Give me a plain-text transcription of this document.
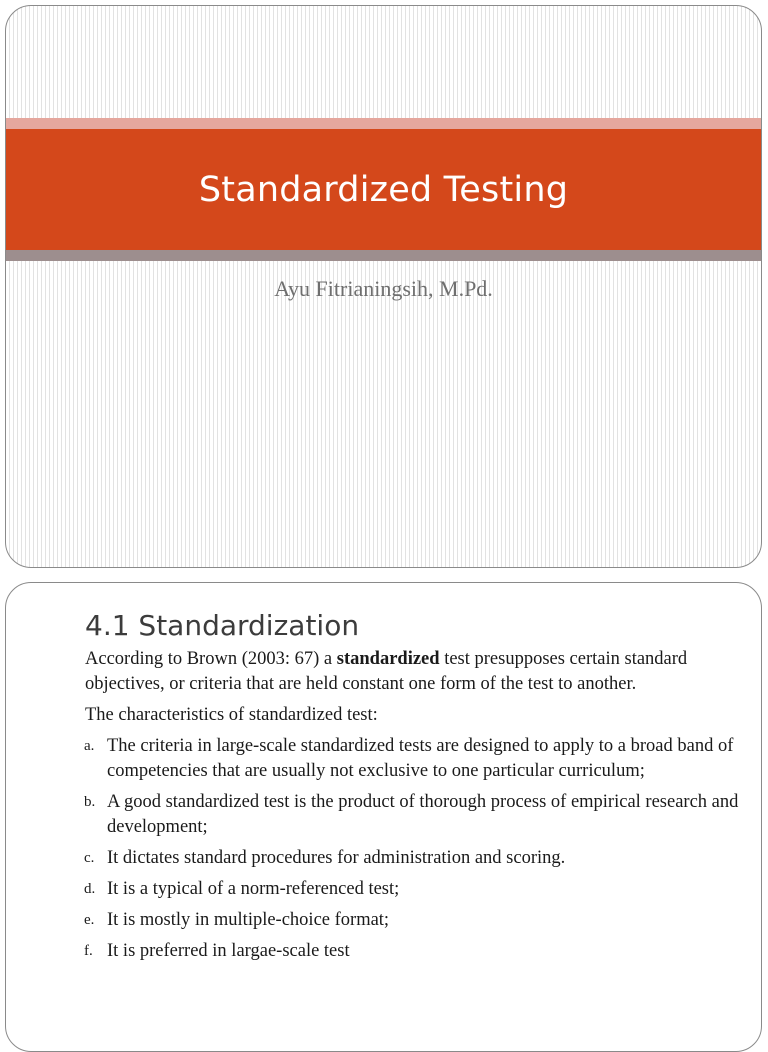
Standardized Testing
Ayu Fitrianingsih, M.Pd.
4.1 Standardization

According to Brown (2003: 67) a standardized test presupposes certain standard objectives, or criteria that are held constant one form of the test to another.

The characteristics of standardized test:

a. The criteria in large-scale standardized tests are designed to apply to a broad band of competencies that are usually not exclusive to one particular curriculum;
b. A good standardized test is the product of thorough process of empirical research and development;
c. It dictates standard procedures for administration and scoring.
d. It is a typical of a norm-referenced test;
e. It is mostly in multiple-choice format;
f. It is preferred in largae-scale test
